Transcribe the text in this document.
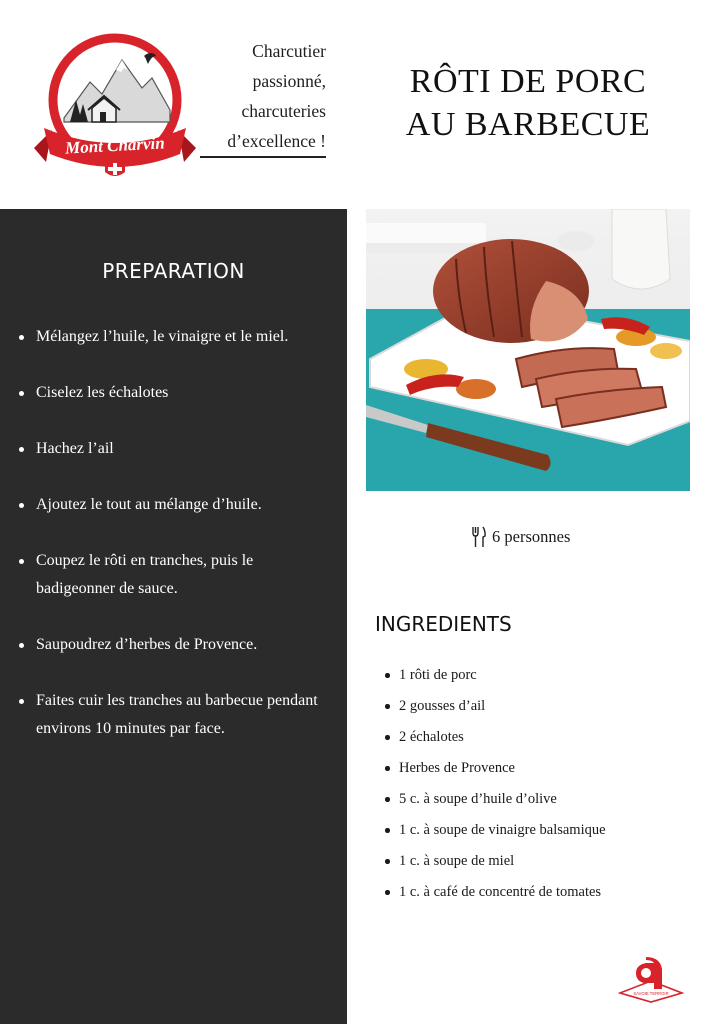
Mont Charvin
Charcutier
passionné,
charcuteries
d’excellence !
RÔTI DE PORC
AU BARBECUE
PREPARATION
Mélangez l’huile, le vinaigre et le miel.
Ciselez les échalotes
Hachez l’ail
Ajoutez le tout au mélange d’huile.
Coupez le rôti en tranches, puis le badigeonner de sauce.
Saupoudrez d’herbes de Provence.
Faites cuir les tranches au barbecue pendant environs 10 minutes par face.
6 personnes
INGREDIENTS
1 rôti de porc
2 gousses d’ail
2 échalotes
Herbes de Provence
5 c. à soupe d’huile d’olive
1 c. à soupe de vinaigre balsamique
1 c. à soupe de miel
1 c. à café de concentré de tomates
SAVOIE TERROIR
